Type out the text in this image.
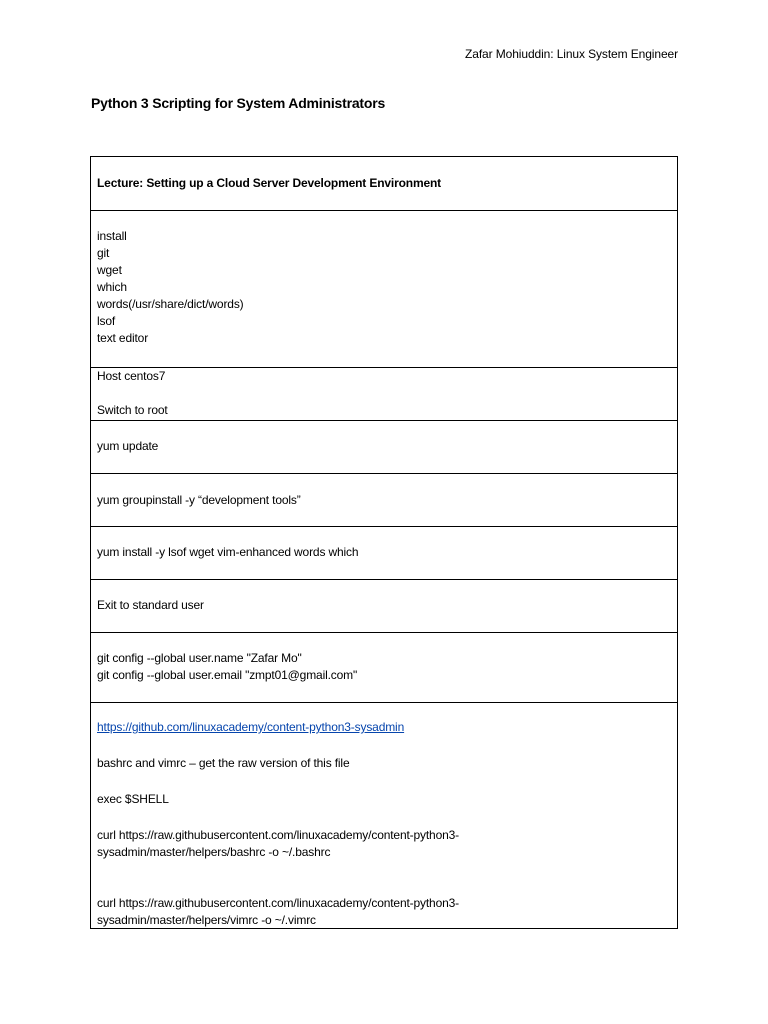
Zafar Mohiuddin: Linux System Engineer
Python 3 Scripting for System Administrators
Lecture: Setting up a Cloud Server Development Environment
install
git
wget
which
words(/usr/share/dict/words)
lsof
text editor
Host centos7
Switch to root
yum update
yum groupinstall -y “development tools”
yum install -y lsof wget vim-enhanced words which
Exit to standard user
git config --global user.name "Zafar Mo"
git config --global user.email "zmpt01@gmail.com"
https://github.com/linuxacademy/content-python3-sysadmin
bashrc and vimrc – get the raw version of this file
exec $SHELL
curl https://raw.githubusercontent.com/linuxacademy/content-python3-
sysadmin/master/helpers/bashrc -o ~/.bashrc
curl https://raw.githubusercontent.com/linuxacademy/content-python3-
sysadmin/master/helpers/vimrc -o ~/.vimrc
